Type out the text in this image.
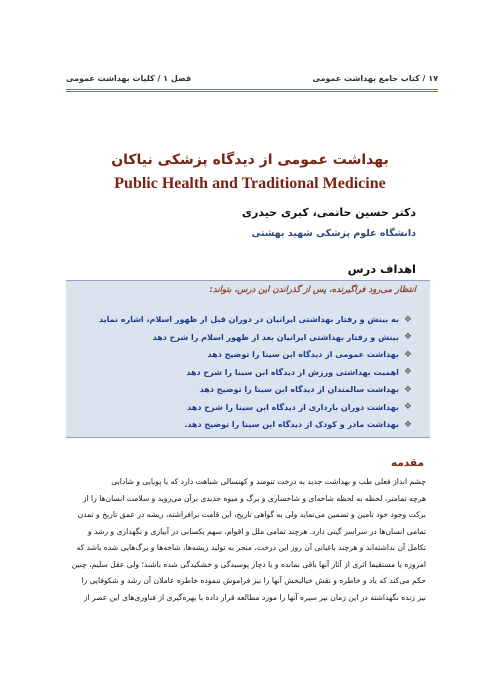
۱۷ / کتاب جامع بهداشت عمومی
فصل ۱ / کلیات بهداشت عمومی
بهداشت عمومی از دیدگاه پزشکی نیاکان
Public Health and Traditional Medicine
دکتر حسین حاتمی، کبری حیدری
دانشگاه علوم پزشکی شهید بهشتی
اهداف درس
انتظار می‌رود فراگیرنده، پس از گذراندن این درس، بتواند:
❖
به بینش و رفتار بهداشتی ایرانیان در دوران قبل از ظهور اسلام، اشاره نماید
❖
بینش و رفتار بهداشتی ایرانیان بعد از ظهور اسلام را شرح دهد
❖
بهداشت عمومی از دیدگاه ابن سینا را توضیح دهد
❖
اهمیت بهداشتی ورزش از دیدگاه ابن سینا را شرح دهد
❖
بهداشت سالمندان از دیدگاه ابن سینا را توضیح دهد
❖
بهداشت دوران بارداری از دیدگاه ابن سینا را شرح دهد
❖
بهداشت مادر و کودک از دیدگاه ابن سینا را توضیح دهد.
مقدمه

چشم انداز فعلی طب و بهداشت جدید به درخت تنومند و کهنسالی شباهت دارد که با پویایی و شادابی

هرچه تمامتر، لحظه به لحظه شاخه‌ای و شاخساری و برگ و میوه جدیدی برآن می‌روید و سلامت انسان‌ها را از

برکت وجود خود تامین و تضمین می‌نماید ولی به گواهی تاریخ، این قامت برافراشته، ریشه در عمق تاریخ و تمدن

تمامی انسان‌ها در سراسر گیتی دارد. هرچند تمامی ملل و اقوام، سهم یکسانی در آبیاری و نگهداری و رشد و

تکامل آن نداشته‌اند و هرچند باغبانی آن روز این درخت، منجر به تولید ریشه‌ها، شاخه‌ها و برگ‌هایی شده باشد که

امروزه یا مستقیما اثری از آثار آنها باقی نمانده و یا دچار پوسیدگی و خشکیدگی شده باشند؛ ولی عقل سلیم، چنین

حکم می‌کند که یاد و خاطره و نقش خیالبخش آنها را نیز فراموش ننموده خاطره عاملان آن رشد و شکوفایی را

نیز زنده نگهداشته در این زمان نیز سیره آنها را مورد مطالعه قرار داده با بهره‌گیری از فناوری‌های این عصر از
